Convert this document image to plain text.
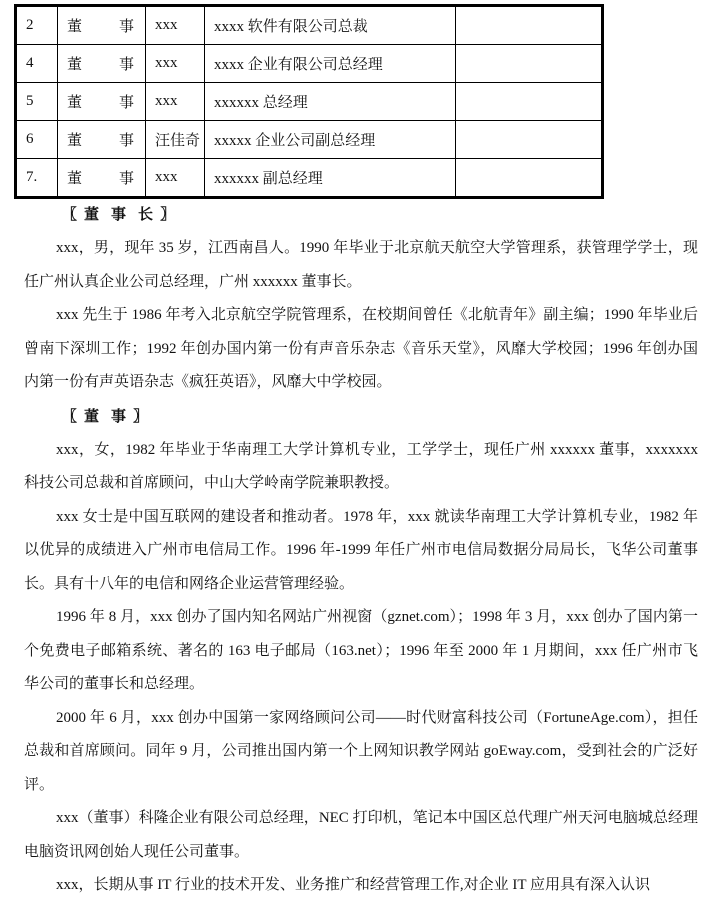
2	董 事	xxx	xxxx 软件有限公司总裁	
4	董 事	xxx	xxxx 企业有限公司总经理	
5	董 事	xxx	xxxxxx 总经理	
6	董 事	汪佳奇	xxxxx 企业公司副总经理	
7.	董 事	xxx	xxxxxx 副总经理	
〖 董 事 长 〗

xxx，男，现年 35 岁，江西南昌人。1990 年毕业于北京航天航空大学管理系，获管理学学士，现任广州认真企业公司总经理，广州 xxxxxx 董事长。

xxx 先生于 1986 年考入北京航空学院管理系，在校期间曾任《北航青年》副主编；1990 年毕业后曾南下深圳工作；1992 年创办国内第一份有声音乐杂志《音乐天堂》，风靡大学校园；1996 年创办国内第一份有声英语杂志《疯狂英语》，风靡大中学校园。

〖 董 事 〗

xxx，女，1982 年毕业于华南理工大学计算机专业，工学学士，现任广州 xxxxxx 董事，xxxxxxx 科技公司总裁和首席顾问，中山大学岭南学院兼职教授。

xxx 女士是中国互联网的建设者和推动者。1978 年，xxx 就读华南理工大学计算机专业，1982 年以优异的成绩进入广州市电信局工作。1996 年-1999 年任广州市电信局数据分局局长，飞华公司董事长。具有十八年的电信和网络企业运营管理经验。

1996 年 8 月，xxx 创办了国内知名网站广州视窗（gznet.com）；1998 年 3 月，xxx 创办了国内第一个免费电子邮箱系统、著名的 163 电子邮局（163.net）；1996 年至 2000 年 1 月期间，xxx 任广州市飞华公司的董事长和总经理。

2000 年 6 月，xxx 创办中国第一家网络顾问公司——时代财富科技公司（FortuneAge.com），担任总裁和首席顾问。同年 9 月，公司推出国内第一个上网知识教学网站 goEway.com，受到社会的广泛好评。

xxx（董事）科隆企业有限公司总经理，NEC 打印机，笔记本中国区总代理广州天河电脑城总经理电脑资讯网创始人现任公司董事。

xxx，长期从事 IT 行业的技术开发、业务推广和经营管理工作,对企业 IT 应用具有深入认识
